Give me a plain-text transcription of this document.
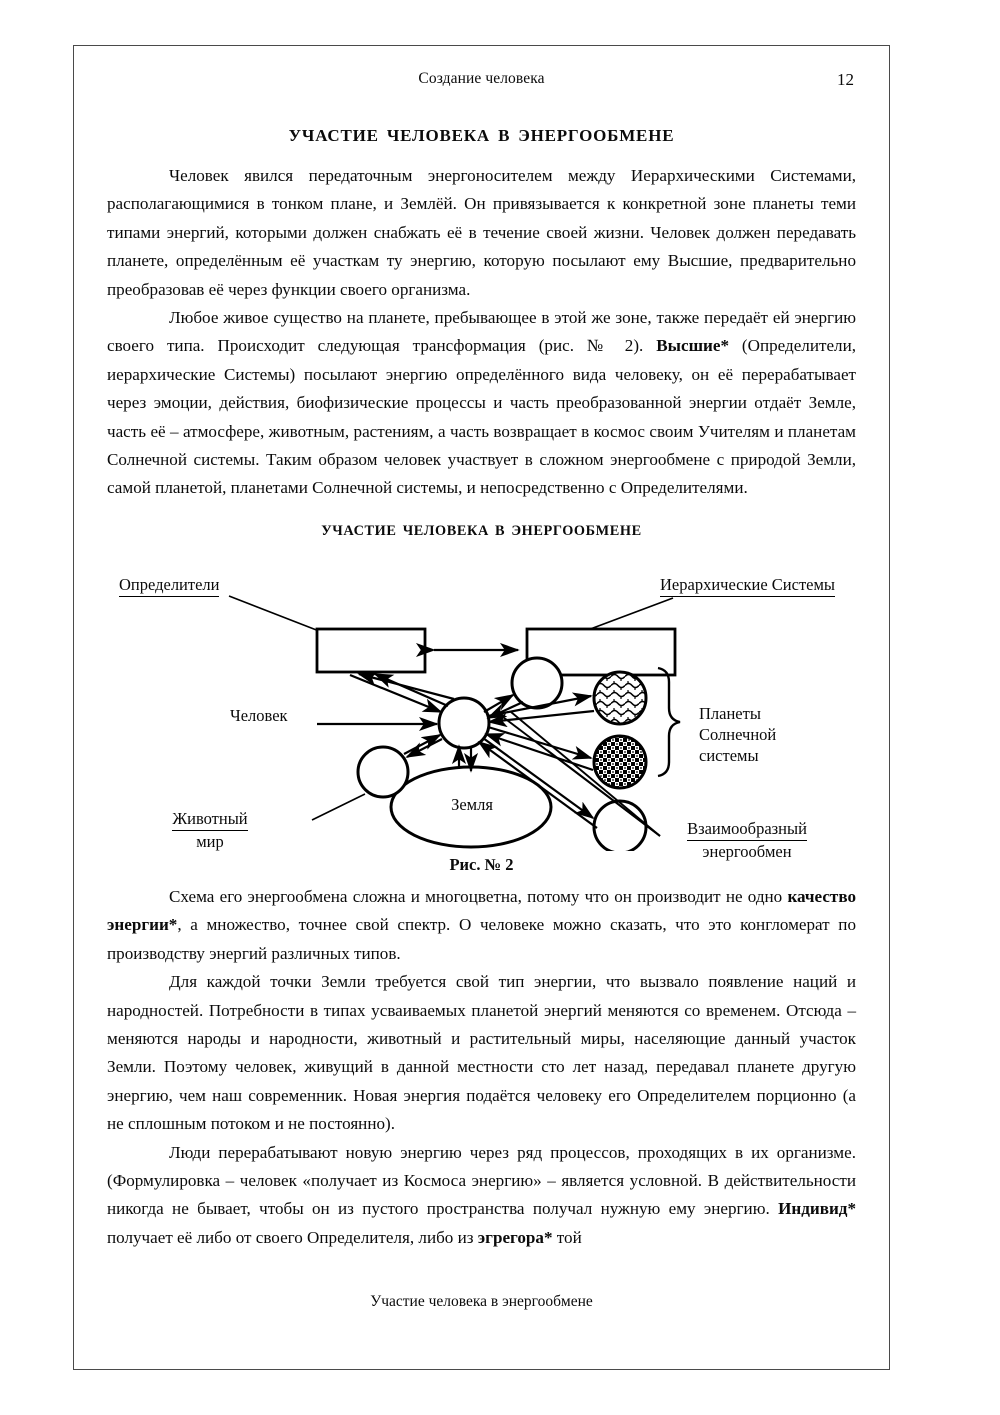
Создание человека	12
УЧАСТИЕ ЧЕЛОВЕКА В ЭНЕРГООБМЕНЕ

Человек явился передаточным энергоносителем между Иерархическими Системами, располагающимися в тонком плане, и Землёй. Он привязывается к конкретной зоне планеты теми типами энергий, которыми должен снабжать её в течение своей жизни. Человек должен передавать планете, определённым её участкам ту энергию, которую посылают ему Высшие, предварительно преобразовав её через функции своего организма.

Любое живое существо на планете, пребывающее в этой же зоне, также передаёт ей энергию своего типа. Происходит следующая трансформация (рис. № 2). Высшие* (Определители, иерархические Системы) посылают энергию определённого вида человеку, он её перерабатывает через эмоции, действия, биофизические процессы и часть преобразованной энергии отдаёт Земле, часть её – атмосфере, животным, растениям, а часть возвращает в космос своим Учителям и планетам Солнечной системы. Таким образом человек участвует в сложном энергообмене с природой Земли, самой планетой, планетами Солнечной системы, и непосредственно с Определителями.

УЧАСТИЕ ЧЕЛОВЕКА В ЭНЕРГООБМЕНЕ
Определители	Иерархические Системы
Человек
Земля
Животный
мир
Планеты
Солнечной
системы
Взаимообразный
энергообмен
Рис. № 2

Схема его энергообмена сложна и многоцветна, потому что он производит не одно качество энергии*, а множество, точнее свой спектр. О человеке можно сказать, что это конгломерат по производству энергий различных типов.

Для каждой точки Земли требуется свой тип энергии, что вызвало появление наций и народностей. Потребности в типах усваиваемых планетой энергий меняются со временем. Отсюда – меняются народы и народности, животный и растительный миры, населяющие данный участок Земли. Поэтому человек, живущий в данной местности сто лет назад, передавал планете другую энергию, чем наш современник. Новая энергия подаётся человеку его Определителем порционно (а не сплошным потоком и не постоянно).

Люди перерабатывают новую энергию через ряд процессов, проходящих в их организме. (Формулировка – человек «получает из Космоса энергию» – является условной. В действительности никогда не бывает, чтобы он из пустого пространства получал нужную ему энергию. Индивид* получает её либо от своего Определителя, либо из эгрегора* той

Участие человека в энергообмене
